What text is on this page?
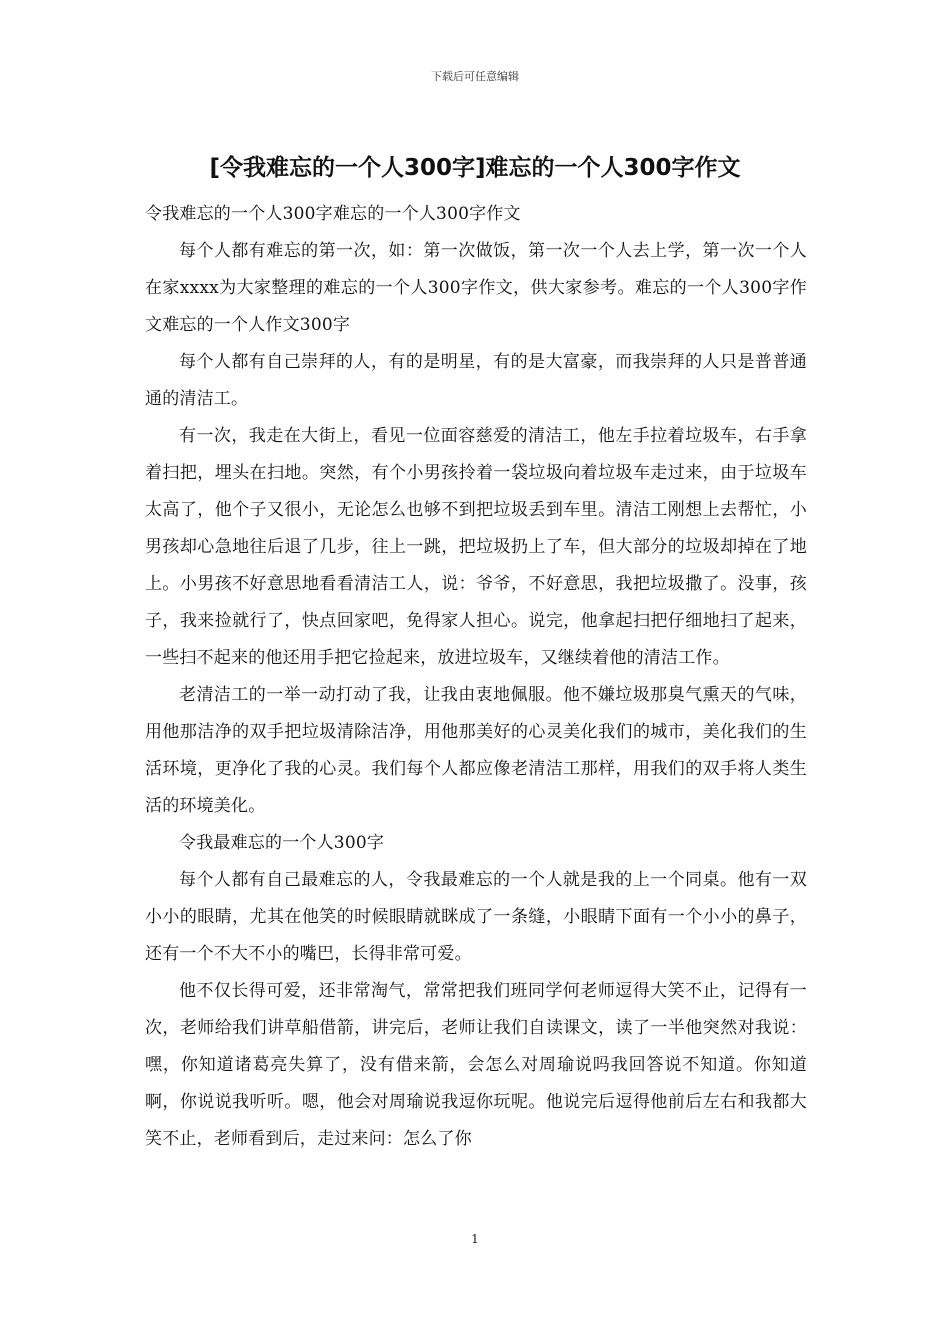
下载后可任意编辑
[令我难忘的一个人300字]难忘的一个人300字作文

令我难忘的一个人300字难忘的一个人300字作文

每个人都有难忘的第一次，如：第一次做饭，第一次一个人去上学，第一次一个人在家xxxx为大家整理的难忘的一个人300字作文，供大家参考。难忘的一个人300字作文难忘的一个人作文300字

每个人都有自己崇拜的人，有的是明星，有的是大富豪，而我崇拜的人只是普普通通的清洁工。

有一次，我走在大街上，看见一位面容慈爱的清洁工，他左手拉着垃圾车，右手拿着扫把，埋头在扫地。突然，有个小男孩拎着一袋垃圾向着垃圾车走过来，由于垃圾车太高了，他个子又很小，无论怎么也够不到把垃圾丢到车里。清洁工刚想上去帮忙，小男孩却心急地往后退了几步，往上一跳，把垃圾扔上了车，但大部分的垃圾却掉在了地上。小男孩不好意思地看看清洁工人，说：爷爷，不好意思，我把垃圾撒了。没事，孩子，我来捡就行了，快点回家吧，免得家人担心。说完，他拿起扫把仔细地扫了起来，一些扫不起来的他还用手把它捡起来，放进垃圾车，又继续着他的清洁工作。

老清洁工的一举一动打动了我，让我由衷地佩服。他不嫌垃圾那臭气熏天的气味，用他那洁净的双手把垃圾清除洁净，用他那美好的心灵美化我们的城市，美化我们的生活环境，更净化了我的心灵。我们每个人都应像老清洁工那样，用我们的双手将人类生活的环境美化。

令我最难忘的一个人300字

每个人都有自己最难忘的人，令我最难忘的一个人就是我的上一个同桌。他有一双小小的眼睛，尤其在他笑的时候眼睛就眯成了一条缝，小眼睛下面有一个小小的鼻子，还有一个不大不小的嘴巴，长得非常可爱。

他不仅长得可爱，还非常淘气，常常把我们班同学何老师逗得大笑不止，记得有一次，老师给我们讲草船借箭，讲完后，老师让我们自读课文，读了一半他突然对我说：嘿，你知道诸葛亮失算了，没有借来箭，会怎么对周瑜说吗我回答说不知道。你知道啊，你说说我听听。嗯，他会对周瑜说我逗你玩呢。他说完后逗得他前后左右和我都大笑不止，老师看到后，走过来问：怎么了你

1
